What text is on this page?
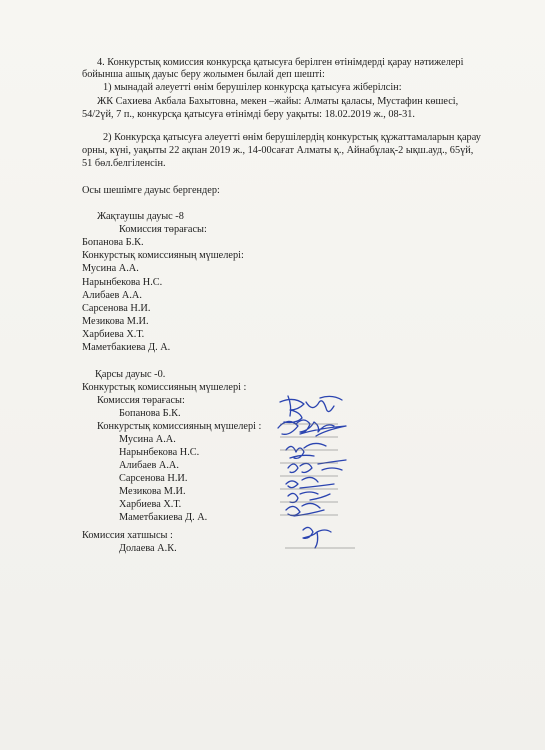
4. Конкурстық комиссия конкурсқа қатысуға берілген өтінімдерді қарау нәтижелері
бойынша ашық дауыс беру жолымен былай деп шешті:
1) мынадай әлеуетті өнім берушілер конкурсқа қатысуға жіберілсін:
ЖК Сахиева Акбала Бахытовна, мекен –жайы: Алматы қаласы, Мустафин көшесі,
54/2үй, 7 п., конкурсқа қатысуға өтінімді беру уақыты: 18.02.2019 ж., 08-31.
2) Конкурсқа қатысуға әлеуетті өнім берушілердің конкурстық құжаттамаларын қарау
орны, күні, уақыты 22 ақпан 2019 ж., 14-00сағат Алматы қ., Айнабұлақ-2 ықш.ауд., 65үй,
51 бөл.белгіленсін.
Осы шешімге дауыс бергендер:
Жақтаушы дауыс -8
Комиссия төрағасы:
Бопанова Б.К.
Конкурстық комиссияның мүшелері:
Мусина А.А.
Нарынбекова Н.С.
Алибаев А.А.
Сарсенова Н.И.
Мезикова М.И.
Харбиева Х.Т.
Маметбакиева Д. А.
Қарсы дауыс -0.
Конкурстық комиссияның мүшелері :
Комиссия төрағасы:
Бопанова Б.К.
Конкурстық комиссияның мүшелері :
Мусина А.А.
Нарынбекова Н.С.
Алибаев А.А.
Сарсенова Н.И.
Мезикова М.И.
Харбиева Х.Т.
Маметбакиева Д. А.
Комиссия хатшысы :
Долаева А.К.
